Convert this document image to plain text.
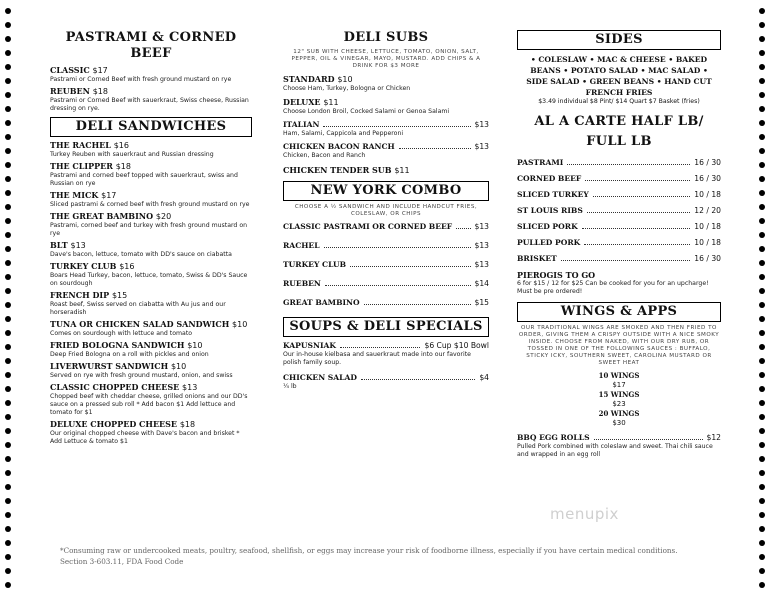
PASTRAMI & CORNED BEEF
CLASSIC $17
Pastrami or Corned Beef with fresh ground mustard on rye
REUBEN $18
Pastrami or Corned Beef with sauerkraut, Swiss cheese, Russian dressing on rye.
DELI SANDWICHES
THE RACHEL $16
Turkey Reuben with sauerkraut and Russian dressing
THE CLIPPER $18
Pastrami and corned beef topped with sauerkraut, swiss and Russian on rye
THE MICK $17
Sliced pastrami & corned beef with fresh ground mustard on rye
THE GREAT BAMBINO $20
Pastrami, corned beef and turkey with fresh ground mustard on rye
BLT $13
Dave's bacon, lettuce, tomato with DD's sauce on ciabatta
TURKEY CLUB $16
Boars Head Turkey, bacon, lettuce, tomato, Swiss & DD's Sauce on sourdough
FRENCH DIP $15
Roast beef, Swiss served on ciabatta with Au jus and our horseradish
TUNA OR CHICKEN SALAD SANDWICH $10
Comes on sourdough with lettuce and tomato
FRIED BOLOGNA SANDWICH $10
Deep Fried Bologna on a roll with pickles and onion
LIVERWURST SANDWICH $10
Served on rye with fresh ground mustard, onion, and swiss
CLASSIC CHOPPED CHEESE $13
Chopped beef with cheddar cheese, grilled onions and our DD's sauce on a pressed sub roll * Add bacon $1 Add lettuce and tomato for $1
DELUXE CHOPPED CHEESE $18
Our original chopped cheese with Dave's bacon and brisket * Add Lettuce & tomato $1
DELI SUBS
12" SUB WITH CHEESE, LETTUCE, TOMATO, ONION, SALT, PEPPER, OIL & VINEGAR, MAYO, MUSTARD. ADD CHIPS & A DRINK FOR $3 MORE
STANDARD $10
Choose Ham, Turkey, Bologna or Chicken
DELUXE $11
Choose London Broil, Cocked Salami or Genoa Salami
ITALIAN	$13
Ham, Salami, Cappicola and Pepperoni
CHICKEN BACON RANCH	$13
Chicken, Bacon and Ranch
CHICKEN TENDER SUB $11
NEW YORK COMBO
CHOOSE A ½ SANDWICH AND INCLUDE HANDCUT FRIES, COLESLAW, OR CHIPS
CLASSIC PASTRAMI OR CORNED BEEF	$13
RACHEL	$13
TURKEY CLUB	$13
RUEBEN	$14
GREAT BAMBINO	$15
SOUPS & DELI SPECIALS
KAPUSNIAK	$6 Cup $10 Bowl
Our in-house kielbasa and sauerkraut made into our favorite polish family soup.
CHICKEN SALAD	$4
¼ lb
SIDES
• COLESLAW • MAC & CHEESE • BAKED
BEANS • POTATO SALAD • MAC SALAD •
SIDE SALAD • GREEN BEANS • HAND CUT
FRENCH FRIES
$3.49 individual $8 Pint/ $14 Quart $7 Basket (fries)
AL A CARTE HALF LB/ FULL LB
PASTRAMI	16 / 30
CORNED BEEF	16 / 30
SLICED TURKEY	10 / 18
ST LOUIS RIBS	12 / 20
SLICED PORK	10 / 18
PULLED PORK	10 / 18
BRISKET	16 / 30
PIEROGIS TO GO
6 for $15 / 12 for $25 Can be cooked for you for an upcharge! Must be pre ordered!
WINGS & APPS
OUR TRADITIONAL WINGS ARE SMOKED AND THEN FRIED TO ORDER, GIVING THEM A CRISPY OUTSIDE WITH A NICE SMOKY INSIDE. CHOOSE FROM NAKED, WITH OUR DRY RUB, OR TOSSED IN ONE OF THE FOLLOWING SAUCES : BUFFALO, STICKY ICKY, SOUTHERN SWEET, CAROLINA MUSTARD OR SWEET HEAT
10 WINGS
$17
15 WINGS
$23
20 WINGS
$30
BBQ EGG ROLLS	$12
Pulled Pork combined with coleslaw and sweet. Thai chili sauce and wrapped in an egg roll
menupix
*Consuming raw or undercooked meats, poultry, seafood, shellfish, or eggs may increase your risk of foodborne illness, especially if you have certain medical conditions.
Section 3-603.11, FDA Food Code
